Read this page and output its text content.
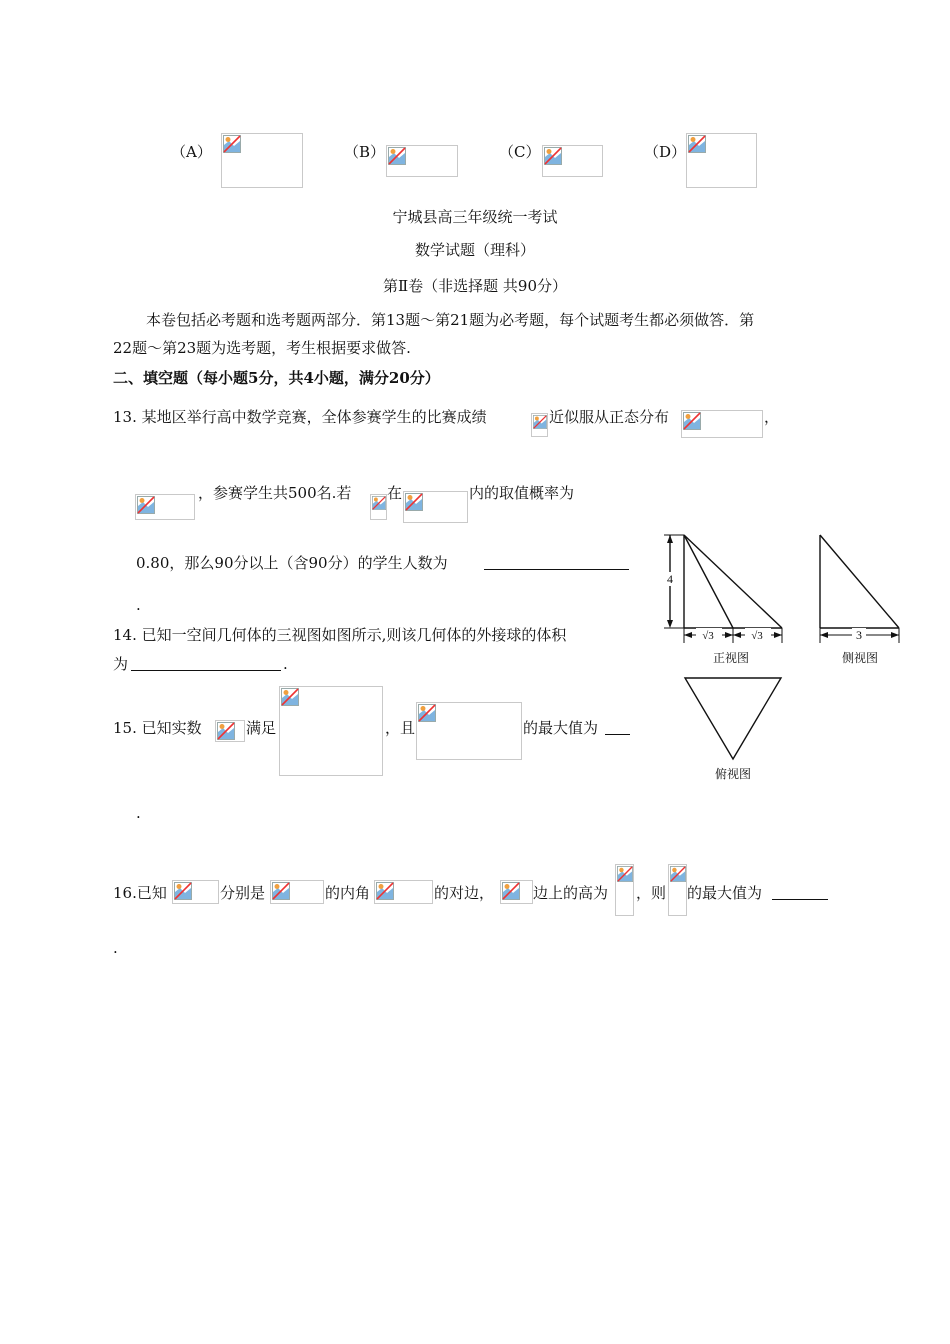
（A）	（B）	（C）	（D）
宁城县高三年级统一考试
数学试题（理科）
第Ⅱ卷（非选择题 共90分）
本卷包括必考题和选考题两部分．第13题～第21题为必考题，每个试题考生都必须做答．第
22题～第23题为选考题，考生根据要求做答.
二、填空题（每小题5分，共4小题，满分20分）
13. 某地区举行高中数学竞赛，全体参赛学生的比赛成绩	近似服从正态分布	，
，参赛学生共500名.若 在	内的取值概率为
0.80，那么90分以上（含90分）的学生人数为
.
14. 已知一空间几何体的三视图如图所示,则该几何体的外接球的体积
为	.
15. 已知实数	满足	，且	的最大值为
.
16.已知	分别是	的内角	的对边，	边上的高为 ，则 的最大值为
.
4
√3	√3	3
正视图	侧视图
俯视图
